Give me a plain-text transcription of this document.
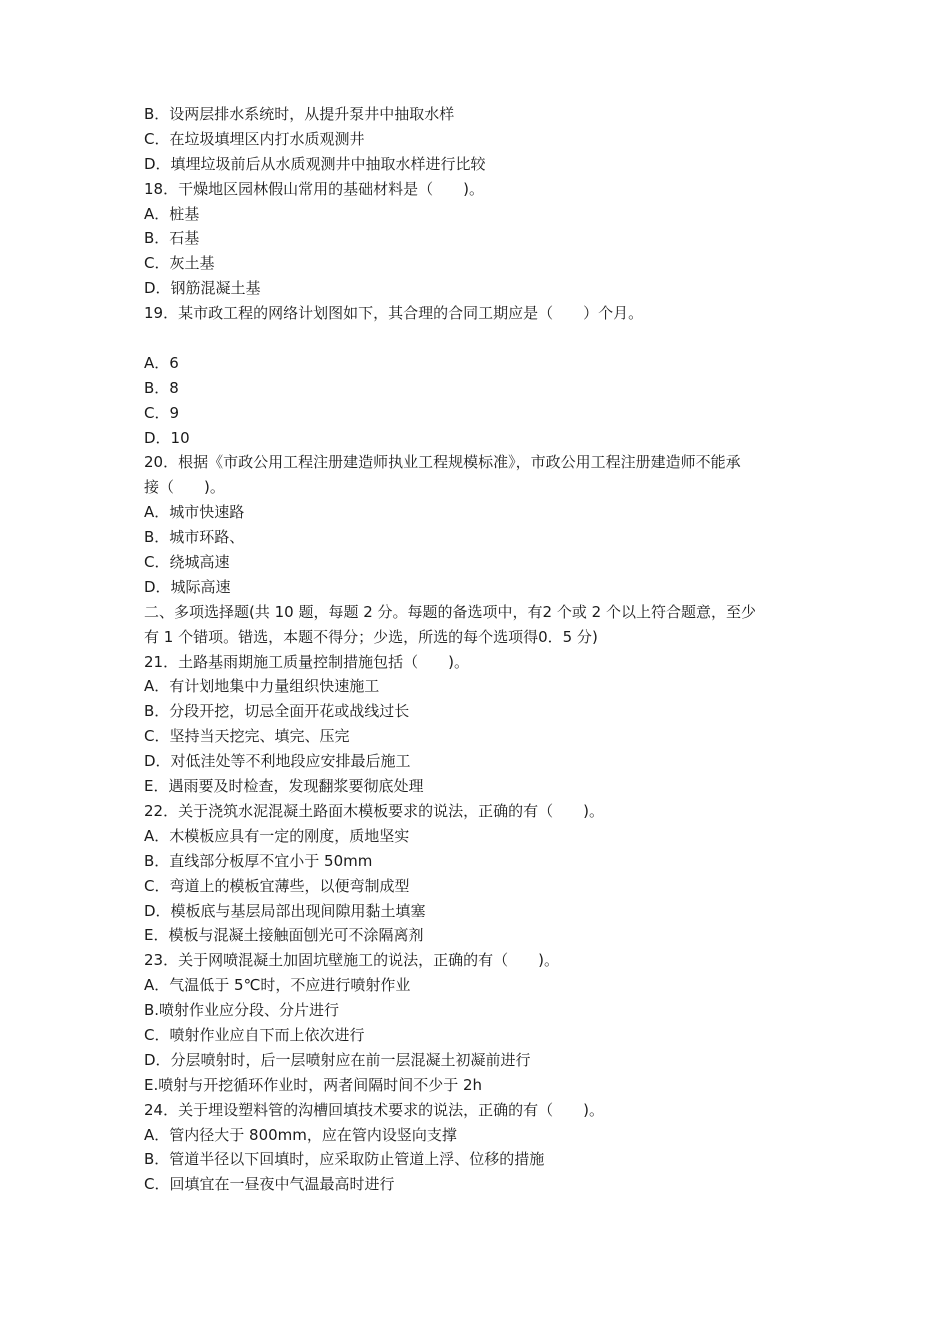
B．设两层排水系统时，从提升泵井中抽取水样
C．在垃圾填埋区内打水质观测井
D．填埋垃圾前后从水质观测井中抽取水样进行比较
18．干燥地区园林假山常用的基础材料是（　　)。
A．桩基
B．石基
C．灰土基
D．钢筋混凝土基
19．某市政工程的网络计划图如下，其合理的合同工期应是（　　）个月。
A．6
B．8
C．9
D．10
20．根据《市政公用工程注册建造师执业工程规模标准》，市政公用工程注册建造师不能承
接（　　)。
A．城市快速路
B．城市环路、
C．绕城高速
D．城际高速
二、多项选择题(共 10 题，每题 2 分。每题的备选项中，有2 个或 2 个以上符合题意，至少
有 1 个错项。错选，本题不得分；少选，所选的每个选项得0．5 分)
21．土路基雨期施工质量控制措施包括（　　)。
A．有计划地集中力量组织快速施工
B．分段开挖，切忌全面开花或战线过长
C．坚持当天挖完、填完、压完
D．对低洼处等不利地段应安排最后施工
E．遇雨要及时检查，发现翻浆要彻底处理
22．关于浇筑水泥混凝土路面木模板要求的说法，正确的有（　　)。
A．木模板应具有一定的刚度，质地坚实
B．直线部分板厚不宜小于 50mm
C．弯道上的模板宜薄些，以便弯制成型
D．模板底与基层局部出现间隙用黏土填塞
E．模板与混凝土接触面刨光可不涂隔离剂
23．关于网喷混凝土加固坑壁施工的说法，正确的有（　　)。
A．气温低于 5℃时，不应进行喷射作业
B.喷射作业应分段、分片进行
C．喷射作业应自下而上依次进行
D．分层喷射时，后一层喷射应在前一层混凝土初凝前进行
E.喷射与开挖循环作业时，两者间隔时间不少于 2h
24．关于埋设塑料管的沟槽回填技术要求的说法，正确的有（　　)。
A．管内径大于 800mm，应在管内设竖向支撑
B．管道半径以下回填时，应采取防止管道上浮、位移的措施
C．回填宜在一昼夜中气温最高时进行
